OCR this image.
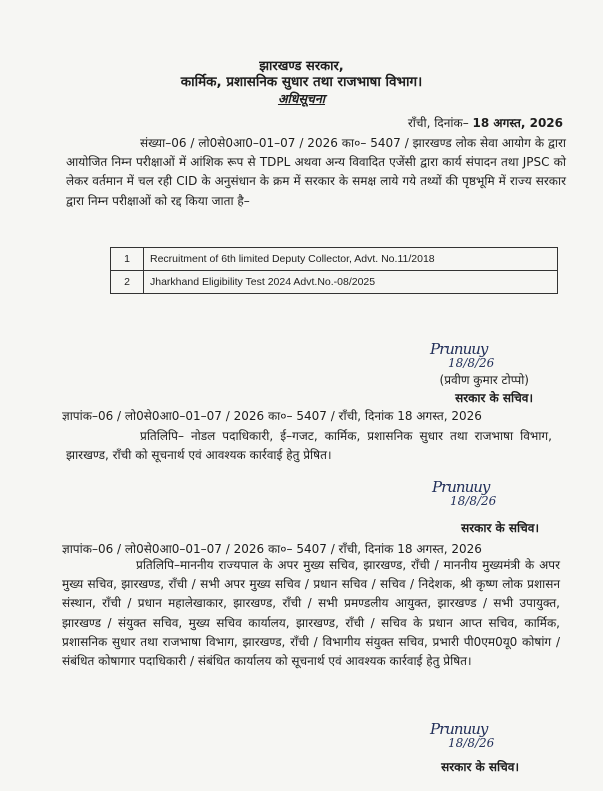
झारखण्ड सरकार,
कार्मिक, प्रशासनिक सुधार तथा राजभाषा विभाग।
अधिसूचना
राँची, दिनांक– 18 अगस्त, 2026
संख्या–06 / लो0से0आ0–01–07 / 2026 का०– 5407 / झारखण्ड लोक सेवा आयोग के द्वारा आयोजित निम्न परीक्षाओं में आंशिक रूप से TDPL अथवा अन्य विवादित एजेंसी द्वारा कार्य संपादन तथा JPSC को लेकर वर्तमान में चल रही CID के अनुसंधान के क्रम में सरकार के समक्ष लाये गये तथ्यों की पृष्ठभूमि में राज्य सरकार द्वारा निम्न परीक्षाओं को रद्द किया जाता है–
1	Recruitment of 6th limited Deputy Collector, Advt. No.11/2018
2	Jharkhand Eligibility Test 2024 Advt.No.-08/2025
Prunuuy
18/8/26
(प्रवीण कुमार टोप्पो)
सरकार के सचिव।
ज्ञापांक–06 / लो0से0आ0–01–07 / 2026 का०– 5407 / राँची, दिनांक 18 अगस्त, 2026
प्रतिलिपि– नोडल पदाधिकारी, ई–गजट, कार्मिक, प्रशासनिक सुधार तथा राजभाषा विभाग, झारखण्ड, राँची को सूचनार्थ एवं आवश्यक कार्रवाई हेतु प्रेषित।
Prunuuy
18/8/26
सरकार के सचिव।
ज्ञापांक–06 / लो0से0आ0–01–07 / 2026 का०– 5407 / राँची, दिनांक 18 अगस्त, 2026
प्रतिलिपि–माननीय राज्यपाल के अपर मुख्य सचिव, झारखण्ड, राँची / माननीय मुख्यमंत्री के अपर मुख्य सचिव, झारखण्ड, राँची / सभी अपर मुख्य सचिव / प्रधान सचिव / सचिव / निदेशक, श्री कृष्ण लोक प्रशासन संस्थान, राँची / प्रधान महालेखाकार, झारखण्ड, राँची / सभी प्रमण्डलीय आयुक्त, झारखण्ड / सभी उपायुक्त, झारखण्ड / संयुक्त सचिव, मुख्य सचिव कार्यालय, झारखण्ड, राँची / सचिव के प्रधान आप्त सचिव, कार्मिक, प्रशासनिक सुधार तथा राजभाषा विभाग, झारखण्ड, राँची / विभागीय संयुक्त सचिव, प्रभारी पी0एम0यू0 कोषांग / संबंधित कोषागार पदाधिकारी / संबंधित कार्यालय को सूचनार्थ एवं आवश्यक कार्रवाई हेतु प्रेषित।
Prunuuy
18/8/26
सरकार के सचिव।
